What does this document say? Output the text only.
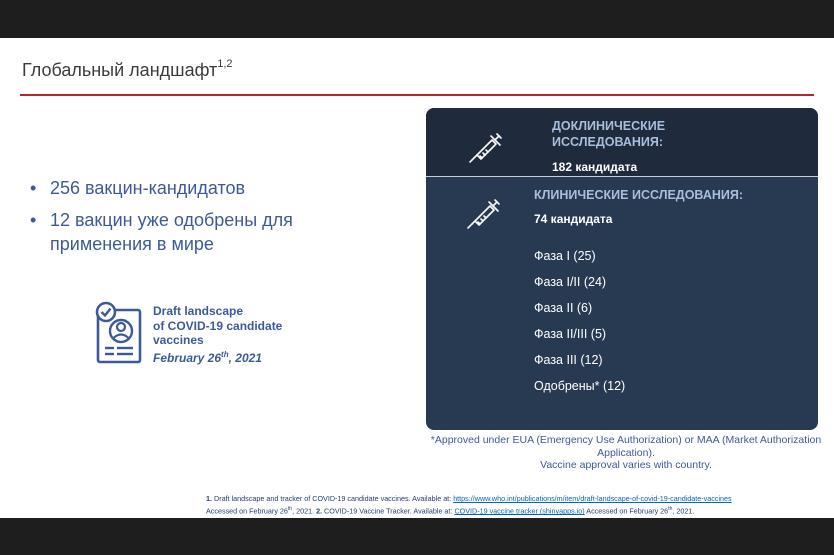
Глобальный ландшафт$^{1,2}$
• 256 вакцин-кандидатов
• 12 вакцин уже одобрены для применения в мире
Draft landscape
of COVID-19 candidate
vaccines
February 26th, 2021
ДОКЛИНИЧЕСКИЕ ИССЛЕДОВАНИЯ:
182 кандидата
КЛИНИЧЕСКИЕ ИССЛЕДОВАНИЯ:
74 кандидата
Фаза I (25)
Фаза I/II (24)
Фаза II (6)
Фаза II/III (5)
Фаза III (12)
Одобрены* (12)
*Approved under EUA (Emergency Use Authorization) or MAA (Market Authorization Application).
Vaccine approval varies with country.
1. Draft landscape and tracker of COVID-19 candidate vaccines. Available at: https://www.who.int/publications/m/item/draft-landscape-of-covid-19-candidate-vaccines
Accessed on February 26th, 2021. 2. COVID-19 Vaccine Tracker. Available at: COVID-19 vaccine tracker (shinyapps.io) Accessed on February 26th, 2021.
